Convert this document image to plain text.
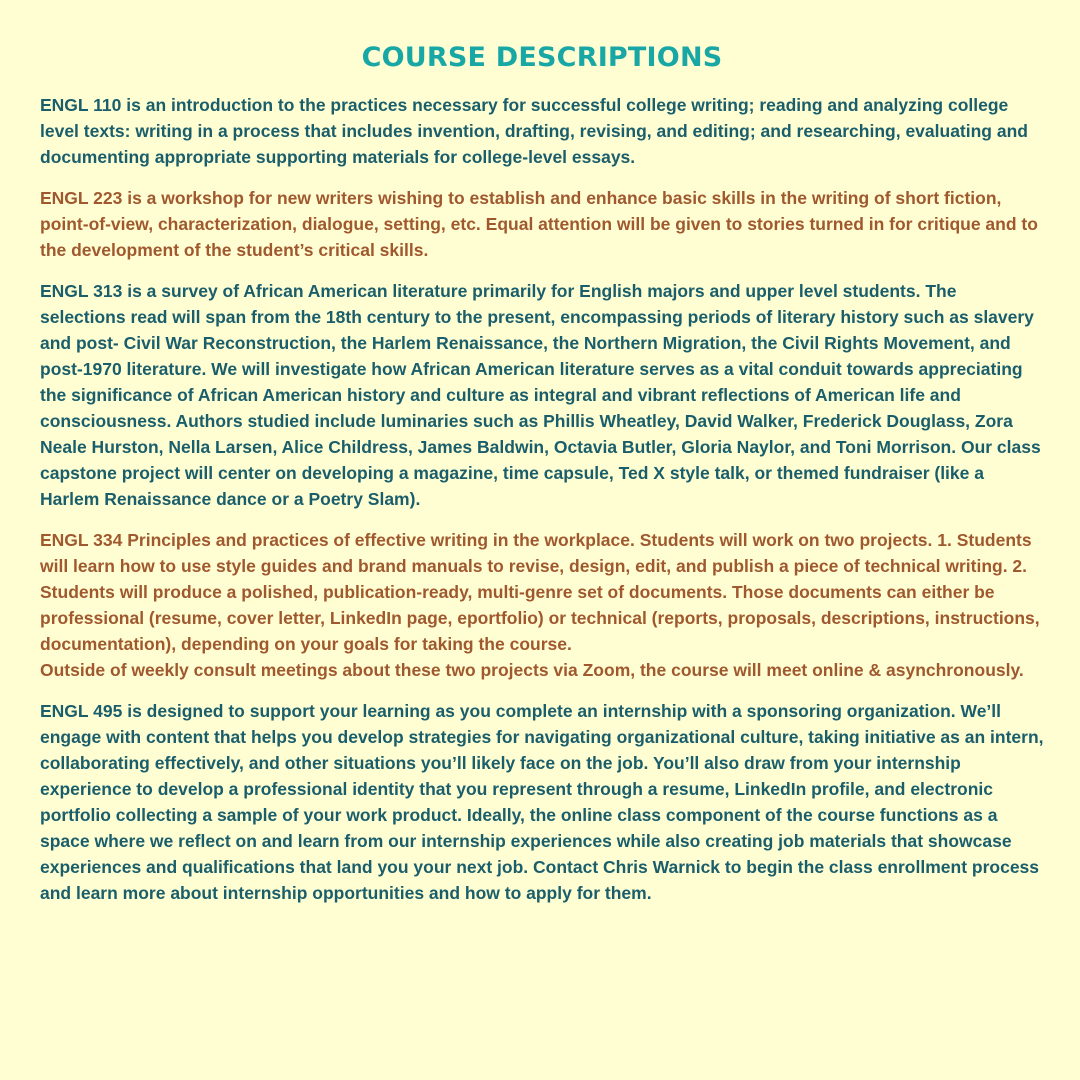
COURSE DESCRIPTIONS

ENGL 110 is an introduction to the practices necessary for successful college writing; reading and analyzing college level texts: writing in a process that includes invention, drafting, revising, and editing; and researching, evaluating and documenting appropriate supporting materials for college-level essays.

ENGL 223 is a workshop for new writers wishing to establish and enhance basic skills in the writing of short fiction, point-of-view, characterization, dialogue, setting, etc. Equal attention will be given to stories turned in for critique and to the development of the student’s critical skills.

ENGL 313 is a survey of African American literature primarily for English majors and upper level students. The selections read will span from the 18th century to the present, encompassing periods of literary history such as slavery and post- Civil War Reconstruction, the Harlem Renaissance, the Northern Migration, the Civil Rights Movement, and post-1970 literature. We will investigate how African American literature serves as a vital conduit towards appreciating the significance of African American history and culture as integral and vibrant reflections of American life and consciousness. Authors studied include luminaries such as Phillis Wheatley, David Walker, Frederick Douglass, Zora Neale Hurston, Nella Larsen, Alice Childress, James Baldwin, Octavia Butler, Gloria Naylor, and Toni Morrison. Our class capstone project will center on developing a magazine, time capsule, Ted X style talk, or themed fundraiser (like a Harlem Renaissance dance or a Poetry Slam).

ENGL 334 Principles and practices of effective writing in the workplace. Students will work on two projects. 1. Students will learn how to use style guides and brand manuals to revise, design, edit, and publish a piece of technical writing. 2. Students will produce a polished, publication-ready, multi-genre set of documents. Those documents can either be professional (resume, cover letter, LinkedIn page, eportfolio) or technical (reports, proposals, descriptions, instructions, documentation), depending on your goals for taking the course.
Outside of weekly consult meetings about these two projects via Zoom, the course will meet online & asynchronously.

ENGL 495 is designed to support your learning as you complete an internship with a sponsoring organization. We’ll engage with content that helps you develop strategies for navigating organizational culture, taking initiative as an intern, collaborating effectively, and other situations you’ll likely face on the job. You’ll also draw from your internship experience to develop a professional identity that you represent through a resume, LinkedIn profile, and electronic portfolio collecting a sample of your work product. Ideally, the online class component of the course functions as a space where we reflect on and learn from our internship experiences while also creating job materials that showcase experiences and qualifications that land you your next job. Contact Chris Warnick to begin the class enrollment process and learn more about internship opportunities and how to apply for them.
